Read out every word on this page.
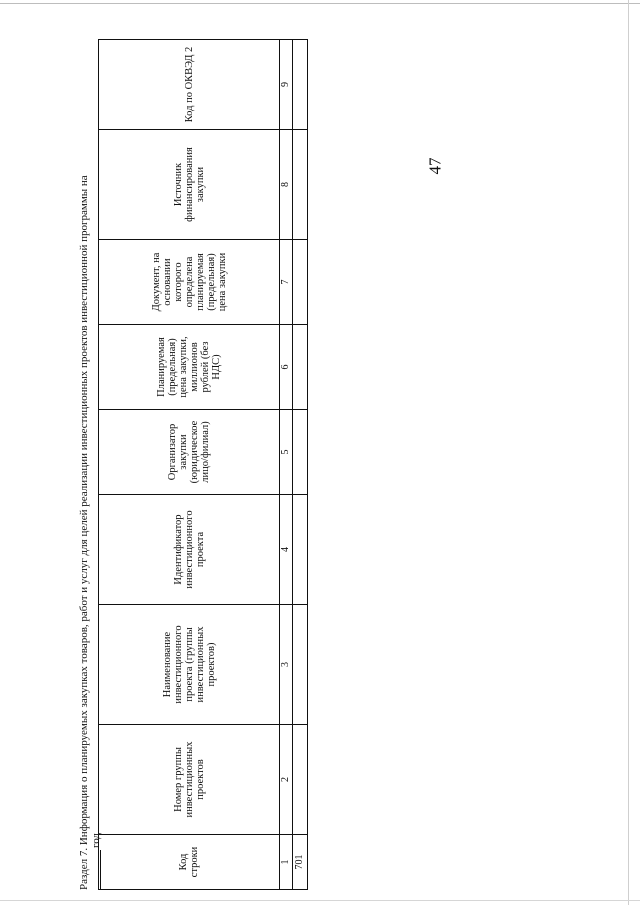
Раздел 7. Информация о планируемых закупках товаров, работ и услуг для целей реализации инвестиционных проектов инвестиционной программы на год
Код строки	Номер группы инвестиционных проектов	Наименование инвестиционного проекта (группы инвестиционных проектов)	Идентификатор инвестиционного проекта	Организатор закупки (юридическое лицо/филиал)	Планируемая (предельная) цена закупки, миллионов рублей (без НДС)	Документ, на основании которого определена планируемая (предельная) цена закупки	Источник финансирования закупки	Код по ОКВЭД 2
1	2	3	4	5	6	7	8	9
701								
47
